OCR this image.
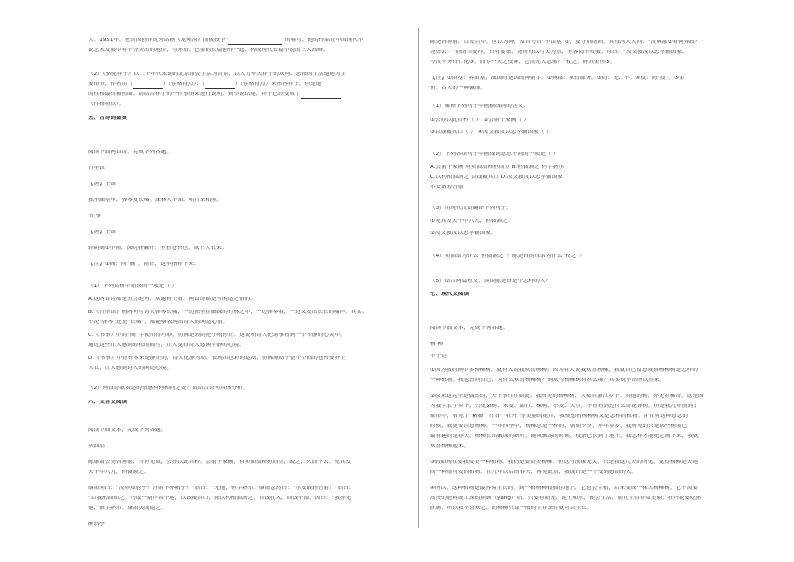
人。1951年，老舍因创作优秀话剧《龙须沟》而被授予“	”的称号。他的作品在中国现代小
说艺术发展中有十分突出的地位，与茅盾、巴金的长篇创作一起，构成现代长篇小说的三大高峰。
（2）《骆驼祥子》以二十年代末期的北京市民生活为背景，以人力车夫祥子的坎坷、悲惨的生活遭遇为主
要情节，作者用（	）（性格特点）、（	）（性格特点）来形容祥子，但是他
的性格最终被扭曲。请结合祥子的一件事情来进行说明。到小说结尾，祥子已经变成了
（性格特点）。
五、古诗词鉴赏
阅读下面两首诗，完成下列各题。
竹里馆
【唐】王维
独坐幽篁里，弹琴复长啸。深林人不知，明月来相照。
书 事
【唐】王维
轻阴阁①小雨，深院昼慵开。坐看苍苔色，欲上人衣来。
【注】①阁：同“搁”，阻止，这里指停下来。
（1）下列赏析中错误的一项是（ ）
A.这两首诗都是五言绝句，从题材上看，两首诗都是写闲适之情的。
B.《竹里馆》前两句写诗人弹琴长啸，一边独坐在幽深的竹林之中，一边弹奏着，一边又发出长长的啸声。其实，
不论“弹琴”还是“长啸”，都能够表现出诗人的闲适心情。
C.《书事》中的“阁”字使用得巧妙，仿佛是轻阴把小雨停止。这说明诗人把诸事看到一个平静的心灵中。
通过这些让人感到轻松的描写，让人觉得诗人悠闲平静的心境。
D.《书事》中青苔本来是静止的，诗人化静为动，表现出色彩的运动，仿佛流动于整个空间的苍苔要扑上
人衣，让人感到诗人的闲适心境。
（2）两首诗歌表达的情感有何相同之处？请结合诗句具体分析。
六、文言文阅读
阅读下面文本，完成下列各题。
卖油翁
陈康肃公尧咨善射，当世无双，公亦以此自矜。尝射于家圃，有卖油翁释担而立，睨之，久而不去。见其发
矢十中八九，但微颔之。
康肃问曰：“汝亦知射乎？吾射不亦精乎？”翁曰：“无他，但手熟尔。”康肃忿然曰：“尔安敢轻吾射！”翁曰：
“以我酌油知之。”乃取一葫芦置于地，以钱覆其口，徐以杓酌油沥之，自钱孔入，而钱不湿。因曰：“我亦无
他，惟手熟尔。”康肃笑而遣之。
醉翁亭
陈尧咨善射，百发百中，世以为神，常自号曰“小由基”①，及守荆南回，其母冯夫人问：“汝典郡②有何异政？”
尧咨云：“荆南当要冲，日有宴集，尧咨每以弓矢为乐，坐客罔不叹服。”母曰：“汝父教汝以忠孝辅国家，
今汝不务行仁化③，而专一夫之伎④，岂汝先人志邪？”杖之，碎其金鱼⑤。
【注】①由基：养由基，战国时楚国的神射手。②典郡：掌管郡务。③罔：无、不。④伎：同“技”。⑤金
鱼：古人的一种佩饰。
（1）解释下列句子中画横线词的含义。
①公亦以此自矜（ ） ②尝射于家圃（ ）
③以钱覆其口（ ） ④汝父教汝以忠孝辅国家（ ）
（2）下列各组句子中画线词意思不同的一项是（ ）
A.尝射于家圃 有卖油翁释担而立 B.但微颔之 但手熟尔
C.以杓酌油沥之 以钱覆其口 D.汝父教汝以忠孝辅国家
尔安敢轻吾射
（3）用现代汉语翻译下列句子。
①见其发矢十中八九，但微颔之。
②汝父教汝以忠孝辅国家。
（4）卖油翁为什么“但微颔之”？陈尧咨的母亲为什么“杖之”？
（5）结合两篇短文，谈谈陈尧咨是个怎样的人？
七、现代文阅读
阅读下面文本，完成下列各题。
杨 柳
丰子恺
①因为我的画中多杨柳树，就有人说我欢喜杨柳；因为有人说我欢喜杨柳，我就自己留意观察杨柳树是怎样的
一种植物。我也曾问自己，为什么欢喜杨柳树？到底与杨柳树有甚么缘？其实说不出所以然来。
②原来这完全是偶然的，天下事往往如此。我所见的杨柳树，大都在浙江乡下。其他的树，亦无甚稀奇，这是因
为我生长于乡下，只见桑树、禾麦、甜竹、楝树、小麦、大豆，不曾看到过什么奇花异树。但是我几年前到了
都市中，看见了“紫藤”“红苕”“牡丹”等美丽的花卉，我便想看杨柳树又是怎样的植物。并且有这种意念的
时候，我更要注意杨柳。一年四季中，杨柳总是一样的，朝朝夕夕，年年岁岁，我所见的只是那些树而已
最有趣的是春天，杨柳长出嫩绿的新叶，随风飘荡的时候，枝条已长到了地上。我怎样才能把它画下来，我就
欢喜杨柳起来。
③假如现在要我赞美一种植物，我仍是要赞美杨柳。但这与前缘无关，只是我这几天的所见，觉得杨柳是天地
间一种很可爱的植物。在几年以后的春天，再见此景，我或许是一个受到感动的人。
④所以，这种植物是最容易生长的。到一根杨柳枝插在地上，它也会生根，后来变成一株大杨柳树。它不需要
高贵的肥料或工深的照顾（yǎng）培，只要有阳光、泥土和水，便会生活，而且生得非常美丽。牡丹花要吃猪
肚肠，所以我不喜欢它，而杨柳只靠一般的生存条件就可以生长。
